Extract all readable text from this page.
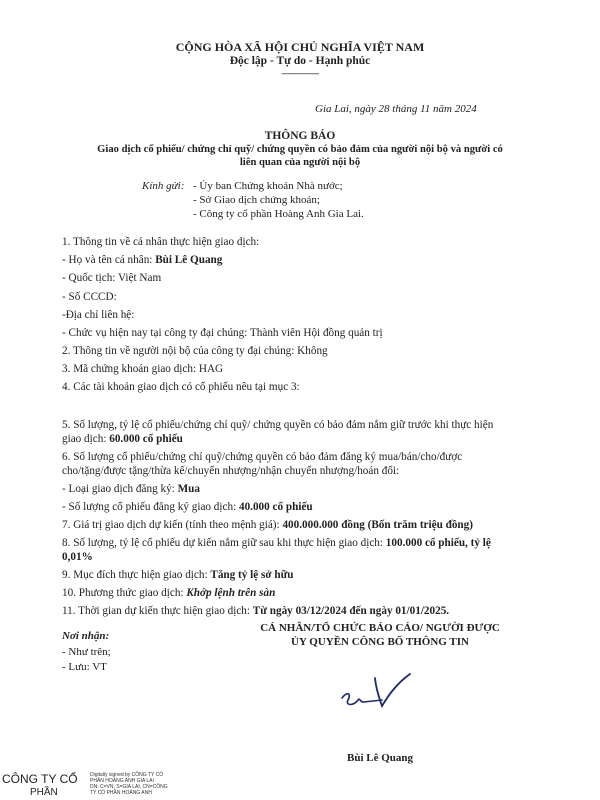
CỘNG HÒA XÃ HỘI CHỦ NGHĨA VIỆT NAM
Độc lập - Tự do - Hạnh phúc
---------------
Gia Lai, ngày 28 tháng 11 năm 2024
THÔNG BÁO
Giao dịch cổ phiếu/ chứng chỉ quỹ/ chứng quyền có bảo đảm của người nội bộ và người có
liên quan của người nội bộ
Kính gửi: - Ủy ban Chứng khoán Nhà nước;
- Sở Giao dịch chứng khoán;
- Công ty cổ phần Hoàng Anh Gia Lai.
1. Thông tin về cá nhân thực hiện giao dịch:
- Họ và tên cá nhân: Bùi Lê Quang
- Quốc tịch: Việt Nam
- Số CCCD:
-Địa chỉ liên hệ:
- Chức vụ hiện nay tại công ty đại chúng: Thành viên Hội đồng quản trị
2. Thông tin về người nội bộ của công ty đại chúng: Không
3. Mã chứng khoán giao dịch: HAG
4. Các tài khoản giao dịch có cổ phiếu nêu tại mục 3:
5. Số lượng, tỷ lệ cổ phiếu/chứng chỉ quỹ/ chứng quyền có bảo đảm nắm giữ trước khi thực hiện
giao dịch: 60.000 cổ phiếu
6. Số lượng cổ phiếu/chứng chỉ quỹ/chứng quyền có bảo đảm đăng ký mua/bán/cho/được
cho/tặng/được tặng/thừa kế/chuyển nhượng/nhận chuyển nhượng/hoán đổi:
- Loại giao dịch đăng ký: Mua
- Số lượng cổ phiếu đăng ký giao dịch: 40.000 cổ phiếu
7. Giá trị giao dịch dự kiến (tính theo mệnh giá): 400.000.000 đồng (Bốn trăm triệu đồng)
8. Số lượng, tỷ lệ cổ phiếu dự kiến nắm giữ sau khi thực hiện giao dịch: 100.000 cổ phiếu, tỷ lệ
0,01%
9. Mục đích thực hiện giao dịch: Tăng tỷ lệ sở hữu
10. Phương thức giao dịch: Khớp lệnh trên sàn
11. Thời gian dự kiến thực hiện giao dịch: Từ ngày 03/12/2024 đến ngày 01/01/2025.
Nơi nhận:
- Như trên;
- Lưu: VT
CÁ NHÂN/TỔ CHỨC BÁO CÁO/ NGƯỜI ĐƯỢC
ỦY QUYỀN CÔNG BỐ THÔNG TIN
Bùi Lê Quang
CÔNG TY CỔ
PHẦN
Digitally signed by CÔNG TY CỔ
PHẦN HOÀNG ANH GIA LAI
DN: C=VN, S=GIA LAI, CN=CÔNG
TY CỔ PHẦN HOÀNG ANH
